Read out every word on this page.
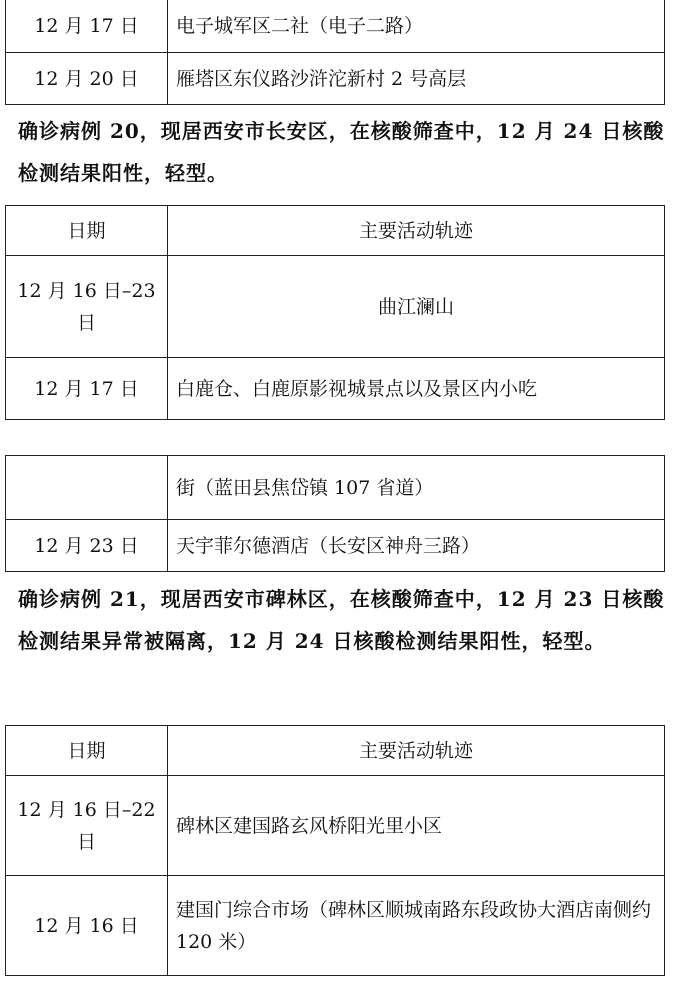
12 月 17 日	电子城军区二社（电子二路）
12 月 20 日	雁塔区东仪路沙浒沱新村 2 号高层

确诊病例 20，现居西安市长安区，在核酸筛查中，12 月 24 日核酸检测结果阳性，轻型。

日期	主要活动轨迹
12 月 16 日–23 日	曲江澜山
12 月 17 日	白鹿仓、白鹿原影视城景点以及景区内小吃
	街（蓝田县焦岱镇 107 省道）
12 月 23 日	天宇菲尔德酒店（长安区神舟三路）

确诊病例 21，现居西安市碑林区，在核酸筛查中，12 月 23 日核酸检测结果异常被隔离，12 月 24 日核酸检测结果阳性，轻型。

日期	主要活动轨迹
12 月 16 日–22 日	碑林区建国路玄风桥阳光里小区
12 月 16 日	建国门综合市场（碑林区顺城南路东段政协大酒店南侧约 120 米）
